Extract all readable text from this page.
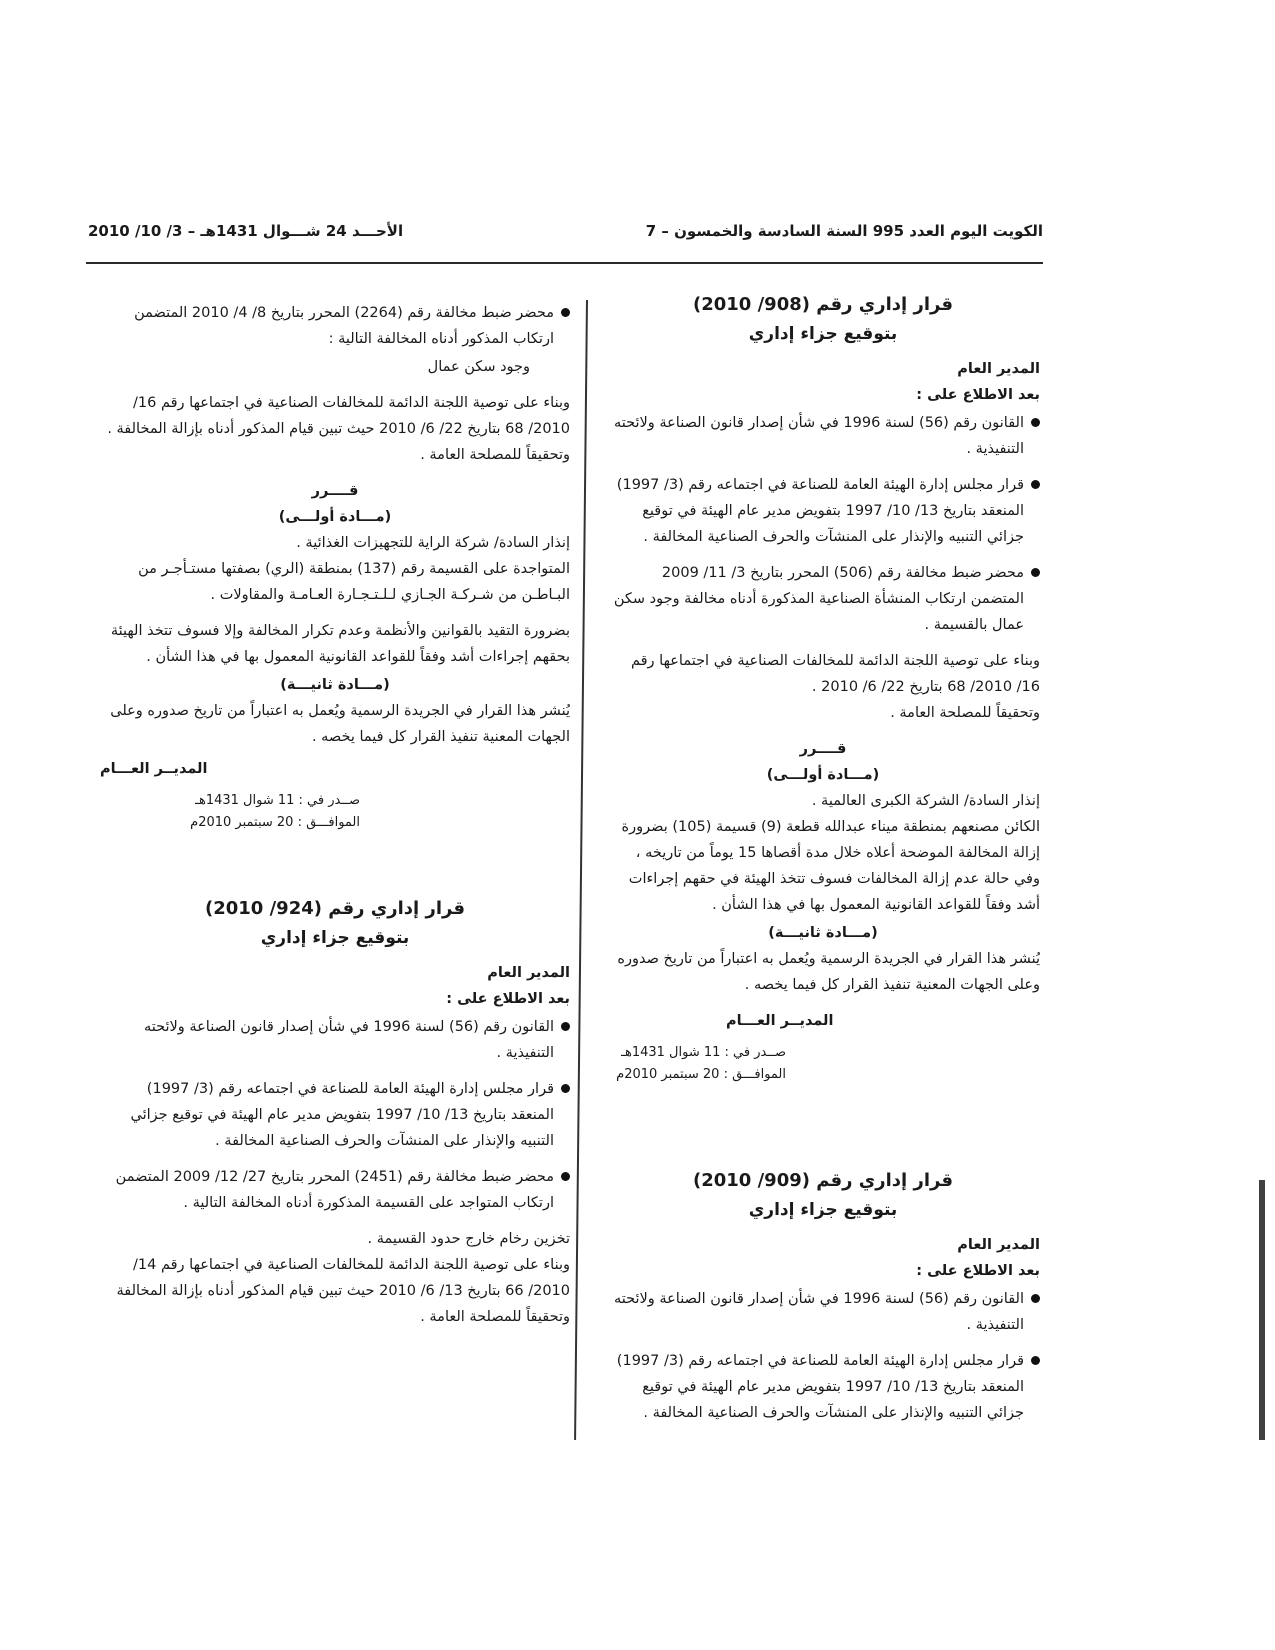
الكويت اليوم العدد 995 السنة السادسة والخمسون – 7
الأحـــد 24 شـــوال 1431هـ – 3/ 10/ 2010

قرار إداري رقم (908/ 2010)

بتوقيع جزاء إداري

المدير العام

بعد الاطلاع على :

القانون رقم (56) لسنة 1996 في شأن إصدار قانون الصناعة ولائحته التنفيذية .
قرار مجلس إدارة الهيئة العامة للصناعة في اجتماعه رقم (3/ 1997) المنعقد بتاريخ 13/ 10/ 1997 بتفويض مدير عام الهيئة في توقيع جزائي التنبيه والإنذار على المنشآت والحرف الصناعية المخالفة .
محضر ضبط مخالفة رقم (506) المحرر بتاريخ 3/ 11/ 2009 المتضمن ارتكاب المنشأة الصناعية المذكورة أدناه مخالفة وجود سكن عمال بالقسيمة .

وبناء على توصية اللجنة الدائمة للمخالفات الصناعية في اجتماعها رقم 16/ 2010/ 68 بتاريخ 22/ 6/ 2010 .

وتحقيقاً للمصلحة العامة .

قــــرر

(مـــادة أولـــى)

إنذار السادة/ الشركة الكبرى العالمية .

الكائن مصنعهم بمنطقة ميناء عبدالله قطعة (9) قسيمة (105) بضرورة إزالة المخالفة الموضحة أعلاه خلال مدة أقصاها 15 يوماً من تاريخه ، وفي حالة عدم إزالة المخالفات فسوف تتخذ الهيئة في حقهم إجراءات أشد وفقاً للقواعد القانونية المعمول بها في هذا الشأن .

(مـــادة ثانيـــة)

يُنشر هذا القرار في الجريدة الرسمية ويُعمل به اعتباراً من تاريخ صدوره وعلى الجهات المعنية تنفيذ القرار كل فيما يخصه .

المديــر العـــام

صــدر في : 11 شوال 1431هـ
الموافـــق : 20 سبتمبر 2010م

قرار إداري رقم (909/ 2010)

بتوقيع جزاء إداري

المدير العام

بعد الاطلاع على :

القانون رقم (56) لسنة 1996 في شأن إصدار قانون الصناعة ولائحته التنفيذية .
قرار مجلس إدارة الهيئة العامة للصناعة في اجتماعه رقم (3/ 1997) المنعقد بتاريخ 13/ 10/ 1997 بتفويض مدير عام الهيئة في توقيع جزائي التنبيه والإنذار على المنشآت والحرف الصناعية المخالفة .
محضر ضبط مخالفة رقم (2264) المحرر بتاريخ 8/ 4/ 2010 المتضمن ارتكاب المذكور أدناه المخالفة التالية :

وجود سكن عمال

وبناء على توصية اللجنة الدائمة للمخالفات الصناعية في اجتماعها رقم 16/ 2010/ 68 بتاريخ 22/ 6/ 2010 حيث تبين قيام المذكور أدناه بإزالة المخالفة .

وتحقيقاً للمصلحة العامة .

قــــرر

(مـــادة أولـــى)

إنذار السادة/ شركة الراية للتجهيزات الغذائية .

المتواجدة على القسيمة رقم (137) بمنطقة (الري) بصفتها مستـأجـر من البـاطـن من شـركـة الجـازي لـلـتـجـارة العـامـة والمقاولات .

بضرورة التقيد بالقوانين والأنظمة وعدم تكرار المخالفة وإلا فسوف تتخذ الهيئة بحقهم إجراءات أشد وفقاً للقواعد القانونية المعمول بها في هذا الشأن .

(مـــادة ثانيـــة)

يُنشر هذا القرار في الجريدة الرسمية ويُعمل به اعتباراً من تاريخ صدوره وعلى الجهات المعنية تنفيذ القرار كل فيما يخصه .

المديــر العـــام

صــدر في : 11 شوال 1431هـ
الموافـــق : 20 سبتمبر 2010م

قرار إداري رقم (924/ 2010)

بتوقيع جزاء إداري

المدير العام

بعد الاطلاع على :

القانون رقم (56) لسنة 1996 في شأن إصدار قانون الصناعة ولائحته التنفيذية .
قرار مجلس إدارة الهيئة العامة للصناعة في اجتماعه رقم (3/ 1997) المنعقد بتاريخ 13/ 10/ 1997 بتفويض مدير عام الهيئة في توقيع جزائي التنبيه والإنذار على المنشآت والحرف الصناعية المخالفة .
محضر ضبط مخالفة رقم (2451) المحرر بتاريخ 27/ 12/ 2009 المتضمن ارتكاب المتواجد على القسيمة المذكورة أدناه المخالفة التالية .

تخزين رخام خارج حدود القسيمة .

وبناء على توصية اللجنة الدائمة للمخالفات الصناعية في اجتماعها رقم 14/ 2010/ 66 بتاريخ 13/ 6/ 2010 حيث تبين قيام المذكور أدناه بإزالة المخالفة

وتحقيقاً للمصلحة العامة .
